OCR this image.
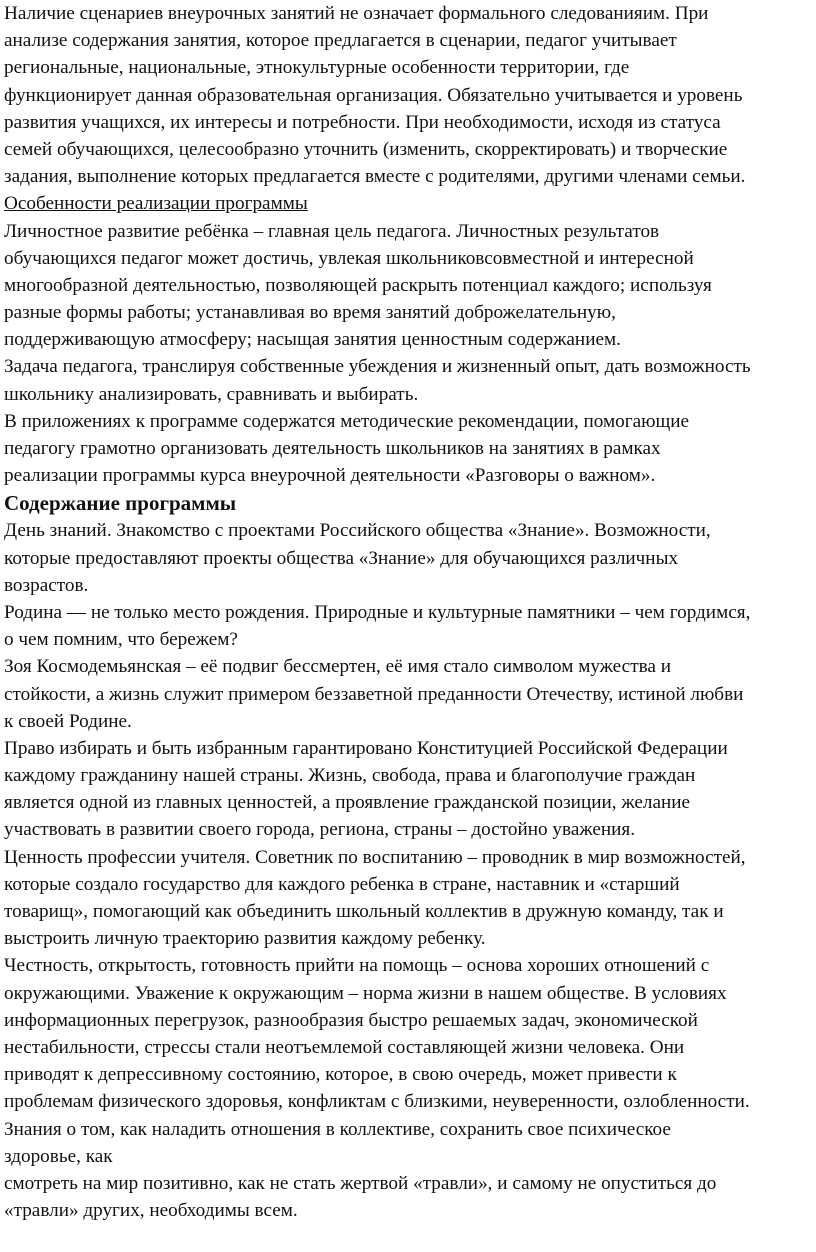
Наличие сценариев внеурочных занятий не означает формального следованияим. При
анализе содержания занятия, которое предлагается в сценарии, педагог учитывает
региональные, национальные, этнокультурные особенности территории, где
функционирует данная образовательная организация. Обязательно учитывается и уровень
развития учащихся, их интересы и потребности. При необходимости, исходя из статуса
семей обучающихся, целесообразно уточнить (изменить, скорректировать) и творческие
задания, выполнение которых предлагается вместе с родителями, другими членами семьи.
Особенности реализации программы
Личностное развитие ребёнка – главная цель педагога. Личностных результатов
обучающихся педагог может достичь, увлекая школьниковсовместной и интересной
многообразной деятельностью, позволяющей раскрыть потенциал каждого; используя
разные формы работы; устанавливая во время занятий доброжелательную,
поддерживающую атмосферу; насыщая занятия ценностным содержанием.
Задача педагога, транслируя собственные убеждения и жизненный опыт, дать возможность
школьнику анализировать, сравнивать и выбирать.
В приложениях к программе содержатся методические рекомендации, помогающие
педагогу грамотно организовать деятельность школьников на занятиях в рамках
реализации программы курса внеурочной деятельности «Разговоры о важном».
Содержание программы
День знаний. Знакомство с проектами Российского общества «Знание». Возможности,
которые предоставляют проекты общества «Знание» для обучающихся различных
возрастов.
Родина — не только место рождения. Природные и культурные памятники – чем гордимся,
о чем помним, что бережем?
Зоя Космодемьянская – её подвиг бессмертен, её имя стало символом мужества и
стойкости, а жизнь служит примером беззаветной преданности Отечеству, истиной любви
к своей Родине.
Право избирать и быть избранным гарантировано Конституцией Российской Федерации
каждому гражданину нашей страны. Жизнь, свобода, права и благополучие граждан
является одной из главных ценностей, а проявление гражданской позиции, желание
участвовать в развитии своего города, региона, страны – достойно уважения.
Ценность профессии учителя. Советник по воспитанию – проводник в мир возможностей,
которые создало государство для каждого ребенка в стране, наставник и «старший
товарищ», помогающий как объединить школьный коллектив в дружную команду, так и
выстроить личную траекторию развития каждому ребенку.
Честность, открытость, готовность прийти на помощь – основа хороших отношений с
окружающими. Уважение к окружающим – норма жизни в нашем обществе. В условиях
информационных перегрузок, разнообразия быстро решаемых задач, экономической
нестабильности, стрессы стали неотъемлемой составляющей жизни человека. Они
приводят к депрессивному состоянию, которое, в свою очередь, может привести к
проблемам физического здоровья, конфликтам с близкими, неуверенности, озлобленности.
Знания о том, как наладить отношения в коллективе, сохранить свое психическое
здоровье, как
смотреть на мир позитивно, как не стать жертвой «травли», и самому не опуститься до
«травли» других, необходимы всем.
